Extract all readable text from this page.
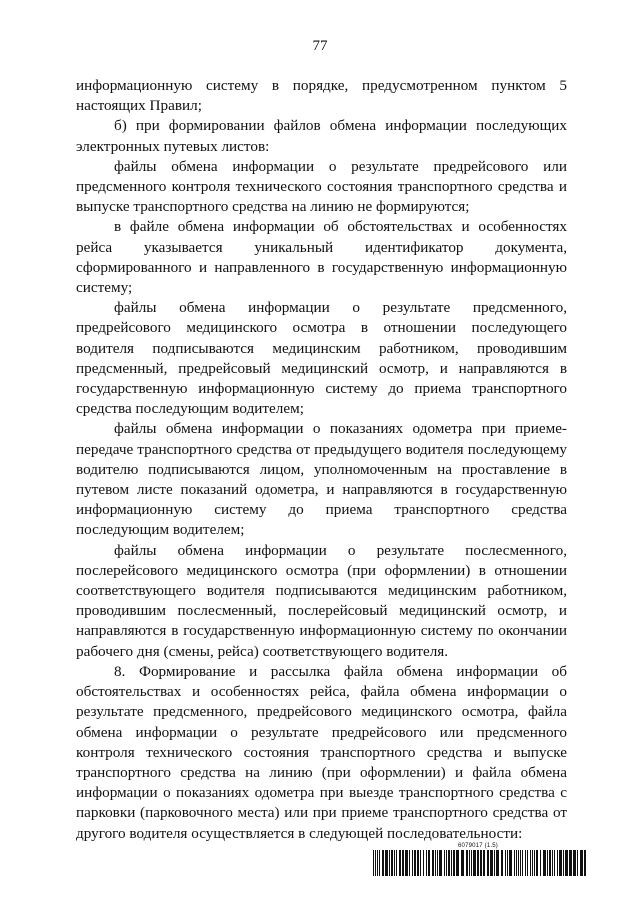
77

информационную систему в порядке, предусмотренном пунктом 5 настоящих Правил;

б) при формировании файлов обмена информации последующих электронных путевых листов:

файлы обмена информации о результате предрейсового или предсменного контроля технического состояния транспортного средства и выпуске транспортного средства на линию не формируются;

в файле обмена информации об обстоятельствах и особенностях рейса указывается уникальный идентификатор документа, сформированного и направленного в государственную информационную систему;

файлы обмена информации о результате предсменного, предрейсового медицинского осмотра в отношении последующего водителя подписываются медицинским работником, проводившим предсменный, предрейсовый медицинский осмотр, и направляются в государственную информационную систему до приема транспортного средства последующим водителем;

файлы обмена информации о показаниях одометра при приеме-передаче транспортного средства от предыдущего водителя последующему водителю подписываются лицом, уполномоченным на проставление в путевом листе показаний одометра, и направляются в государственную информационную систему до приема транспортного средства последующим водителем;

файлы обмена информации о результате послесменного, послерейсового медицинского осмотра (при оформлении) в отношении соответствующего водителя подписываются медицинским работником, проводившим послесменный, послерейсовый медицинский осмотр, и направляются в государственную информационную систему по окончании рабочего дня (смены, рейса) соответствующего водителя.

8. Формирование и рассылка файла обмена информации об обстоятельствах и особенностях рейса, файла обмена информации о результате предсменного, предрейсового медицинского осмотра, файла обмена информации о результате предрейсового или предсменного контроля технического состояния транспортного средства и выпуске транспортного средства на линию (при оформлении) и файла обмена информации о показаниях одометра при выезде транспортного средства с парковки (парковочного места) или при приеме транспортного средства от другого водителя осуществляется в следующей последовательности:

6079017 (1.5)
